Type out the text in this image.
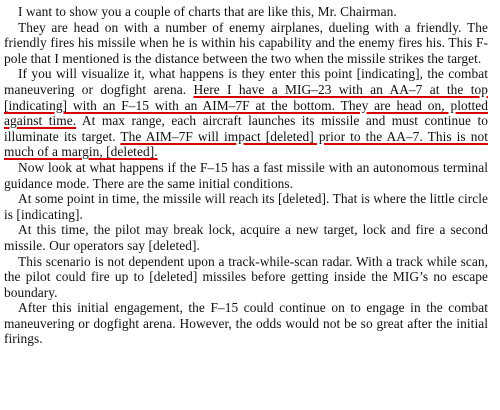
I want to show you a couple of charts that are like this, Mr. Chairman.

They are head on with a number of enemy airplanes, dueling with a friendly. The friendly fires his missile when he is within his capability and the enemy fires his. This F-pole that I mentioned is the distance between the two when the missile strikes the target.

If you will visualize it, what happens is they enter this point [indicating], the combat maneuvering or dogfight arena. Here I have a MIG–23 with an AA–7 at the top [indicating] with an F–15 with an AIM–7F at the bottom. They are head on, plotted against time. At max range, each aircraft launches its missile and must continue to illuminate its target. The AIM–7F will impact [deleted] prior to the AA–7. This is not much of a margin, [deleted].

Now look at what happens if the F–15 has a fast missile with an autonomous terminal guidance mode. There are the same initial conditions.

At some point in time, the missile will reach its [deleted]. That is where the little circle is [indicating].

At this time, the pilot may break lock, acquire a new target, lock and fire a second missile. Our operators say [deleted].

This scenario is not dependent upon a track-while-scan radar. With a track while scan, the pilot could fire up to [deleted] missiles before getting inside the MIG’s no escape boundary.

After this initial engagement, the F–15 could continue on to engage in the combat maneuvering or dogfight arena. However, the odds would not be so great after the initial firings.
